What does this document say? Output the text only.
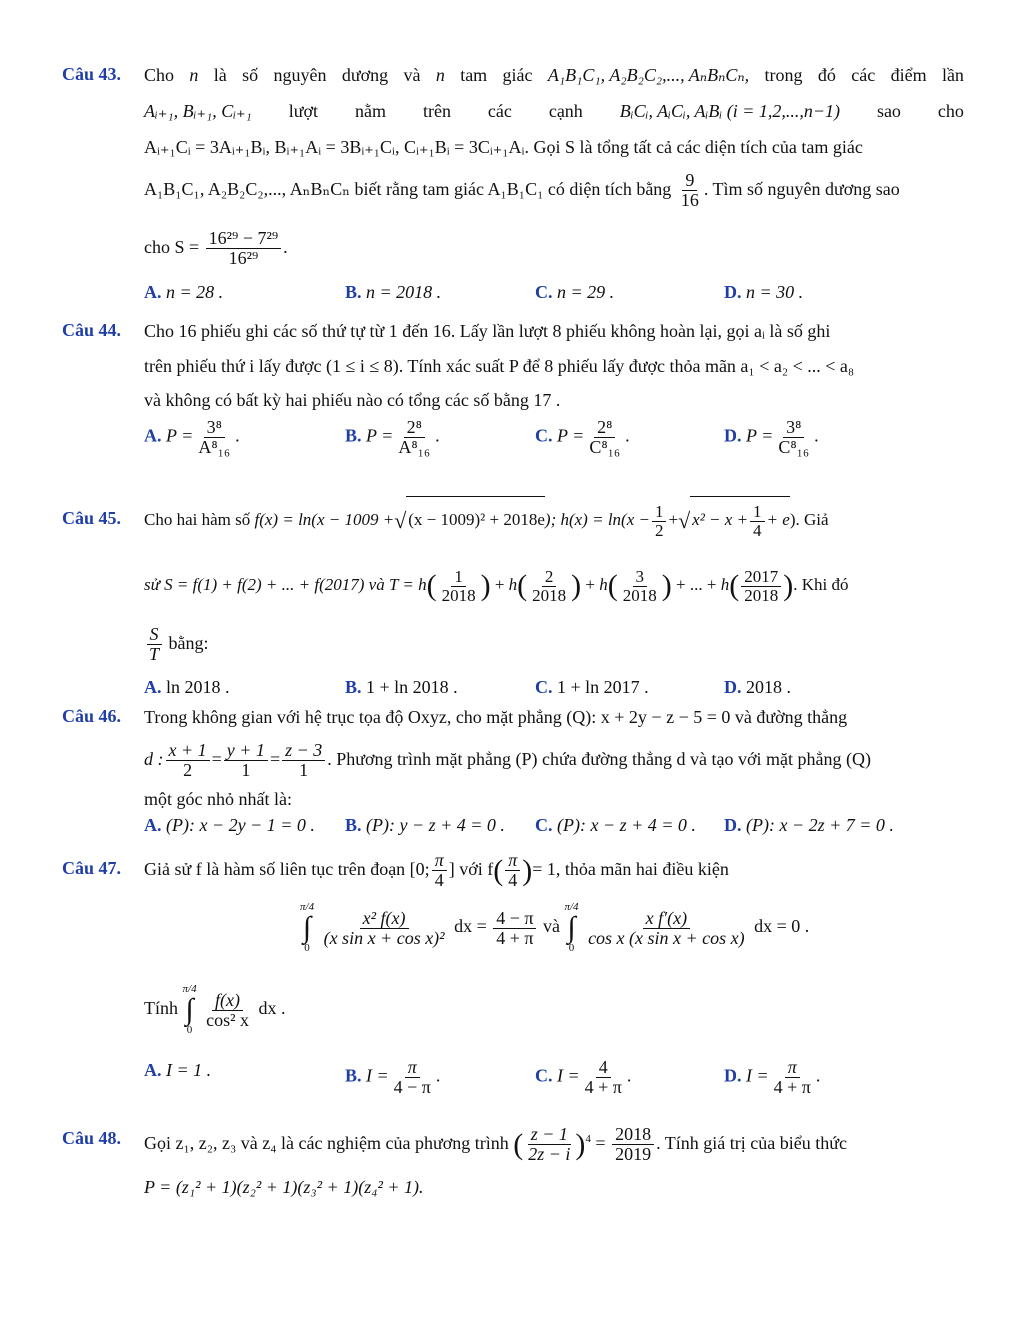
Câu 43. Cho n là số nguyên dương và n tam giác A₁B₁C₁, A₂B₂C₂,..., AₙBₙCₙ, trong đó các điểm lần
Aᵢ₊₁, Bᵢ₊₁, Cᵢ₊₁ lượt nằm trên các cạnh BᵢCᵢ, AᵢCᵢ, AᵢBᵢ (i = 1,2,...,n−1) sao cho
Aᵢ₊₁Cᵢ = 3Aᵢ₊₁Bᵢ, Bᵢ₊₁Aᵢ = 3Bᵢ₊₁Cᵢ, Cᵢ₊₁Bᵢ = 3Cᵢ₊₁Aᵢ. Gọi S là tổng tất cả các diện tích của tam giác
A₁B₁C₁, A₂B₂C₂,..., AₙBₙCₙ biết rằng tam giác A₁B₁C₁ có diện tích bằng $\frac{9}{16}$ . Tìm số nguyên dương sao
cho $S = \frac{\text{16²⁹ − 7²⁹}}{\text{16²⁹}}$ .
A. n = 28 .	B. n = 2018 .	C. n = 29 .	D. n = 30 .
Câu 44. Cho 16 phiếu ghi các số thứ tự từ 1 đến 16. Lấy lần lượt 8 phiếu không hoàn lại, gọi aᵢ là số ghi
trên phiếu thứ i lấy được (1 ≤ i ≤ 8). Tính xác suất P để 8 phiếu lấy được thỏa mãn a₁ < a₂ < ... < a₈
và không có bất kỳ hai phiếu nào có tổng các số bằng 17 .
A. $P = \frac{\text{3⁸}}{\text{A⁸₁₆}}$ .	B. $P = \frac{\text{2⁸}}{\text{A⁸₁₆}}$ .	C. $P = \frac{\text{2⁸}}{\text{C⁸₁₆}}$ .	D. $P = \frac{\text{3⁸}}{\text{C⁸₁₆}}$ .
Câu 45. Cho hai hàm số f(x) = ln(x − 1009 +√ (x − 1009)² + 2018e); $h(x) = \ln(x - \frac{1}{2}$ +√ $x^2 - x + \frac{1}{4} + e$). Giả
sử S = f(1) + f(2) + ... + f(2017) và $T = h( \frac{1}{2018}$ ) + $h( \frac{2}{2018}$ ) + $h( \frac{3}{2018}$ ) + ... + $h( \frac{2017}{2018}$ ). Khi đó
$\frac{S}{T}$ bằng:
A. ln 2018 .	B. 1 + ln 2018 .	C. 1 + ln 2017 .	D. 2018 .
Câu 46. Trong không gian với hệ trục tọa độ Oxyz, cho mặt phẳng (Q): x + 2y − z − 5 = 0 và đường thẳng
d : $\frac{x + 1}{2} = \frac{y + 1}{1} = \frac{z - 3}{1}$ . Phương trình mặt phẳng (P) chứa đường thẳng d và tạo với mặt phẳng (Q)
một góc nhỏ nhất là:
A. (P): x − 2y − 1 = 0 . B. (P): y − z + 4 = 0 . C. (P): x − z + 4 = 0 . D. (P): x − 2z + 7 = 0 .
Câu 47. Giả sử f là hàm số liên tục trên đoạn [0; $\frac{\pi}{4}$ ] với $f( \frac{\pi}{4}$ )= 1, thỏa mãn hai điều kiện
π/4
∫
0

$\frac{\text{x² f(x)}}{\text{(x sin x + cos x)²}}$ dx = $\frac{4 - \pi}{4 + \pi}$ và
π/4
∫
0

$\frac{\text{x f′(x)}}{\text{cos x (x sin x + cos x)}}$ dx = 0 .
Tính
π/4
∫
0

$\frac{f(x)}{\text{cos² x}}$ dx .
A. I = 1 .	B. $I = \frac{\pi}{4 - \pi}$ .	C. $I = \frac{4}{4 + \pi}$ .	D. $I = \frac{\pi}{4 + \pi}$ .
Câu 48. Gọi z₁, z₂, z₃ và z₄ là các nghiệm của phương trình ( $\frac{z - 1}{2z - i} )^4 = \frac{2018}{2019}$ . Tính giá trị của biểu thức
P = (z₁² + 1)(z₂² + 1)(z₃² + 1)(z₄² + 1).
